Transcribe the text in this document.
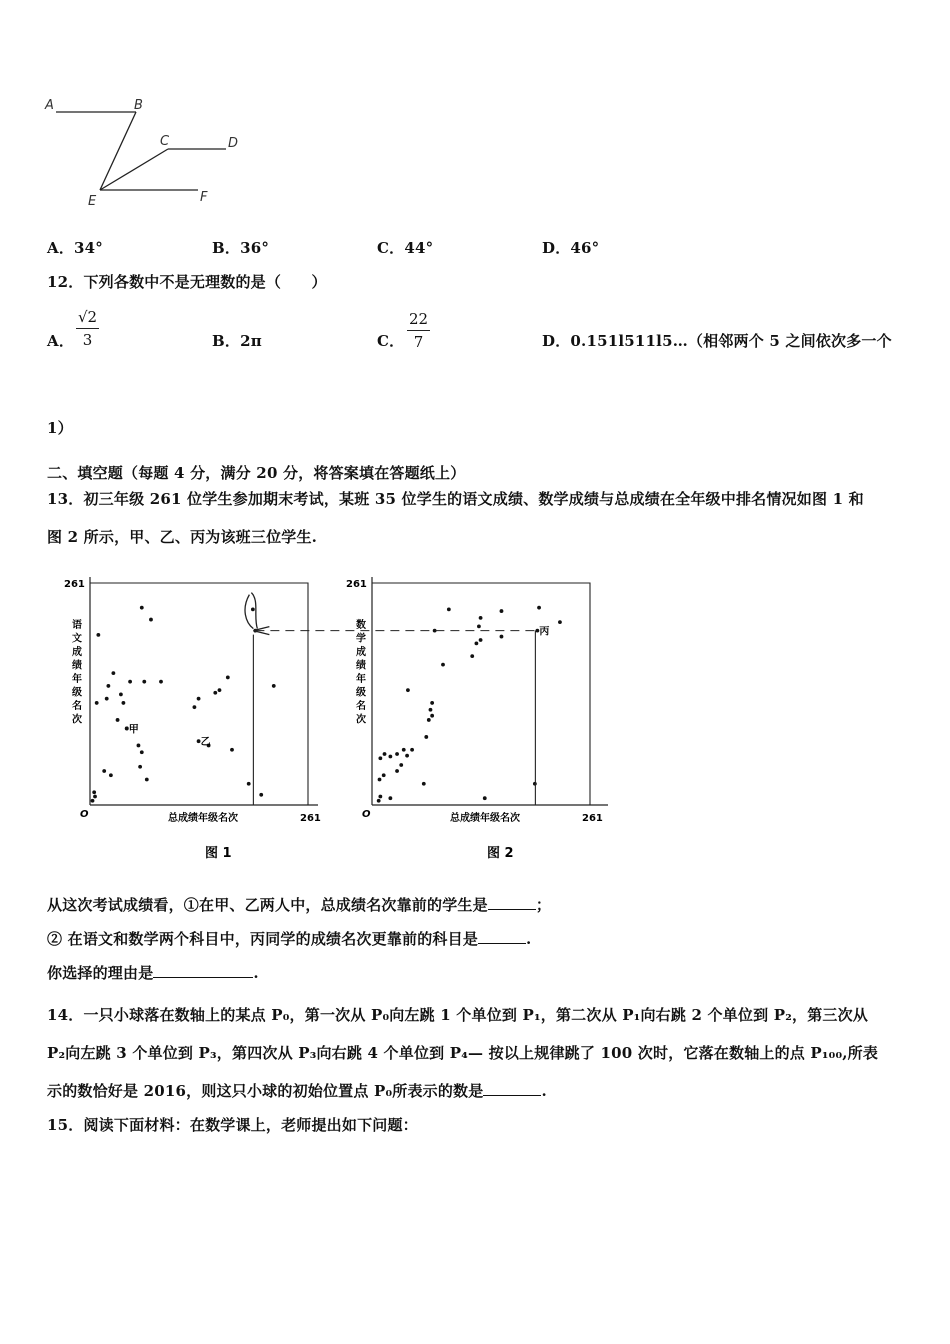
A	B
C	D
E	F
A．34°	B．36°	C．44°	D．46°
12．下列各数中不是无理数的是（　　）
A． $\frac{√2}{3}$	B．2π	C． $\frac{22}{7}$	D．0.151l511l5…（相邻两个 5 之间依次多一个
1）
二、填空题（每题 4 分，满分 20 分，将答案填在答题纸上）
13．初三年级 261 位学生参加期末考试，某班 35 位学生的语文成绩、数学成绩与总成绩在全年级中排名情况如图 1 和
图 2 所示，甲、乙、丙为该班三位学生.
O	261
261
总成绩年级名次
语文成绩年级名次
图 1
甲
乙
O	261
261
总成绩年级名次
数学成绩年级名次
图 2
丙
从这次考试成绩看，①在甲、乙两人中，总成绩名次靠前的学生是	；
② 在语文和数学两个科目中，丙同学的成绩名次更靠前的科目是	.
你选择的理由是	.
14．一只小球落在数轴上的某点 P₀，第一次从 P₀向左跳 1 个单位到 P₁，第二次从 P₁向右跳 2 个单位到 P₂，第三次从
P₂向左跳 3 个单位到 P₃，第四次从 P₃向右跳 4 个单位到 P₄— 按以上规律跳了 100 次时，它落在数轴上的点 P₁₀₀,所表
示的数恰好是 2016，则这只小球的初始位置点 P₀所表示的数是	.
15．阅读下面材料：在数学课上，老师提出如下问题：
